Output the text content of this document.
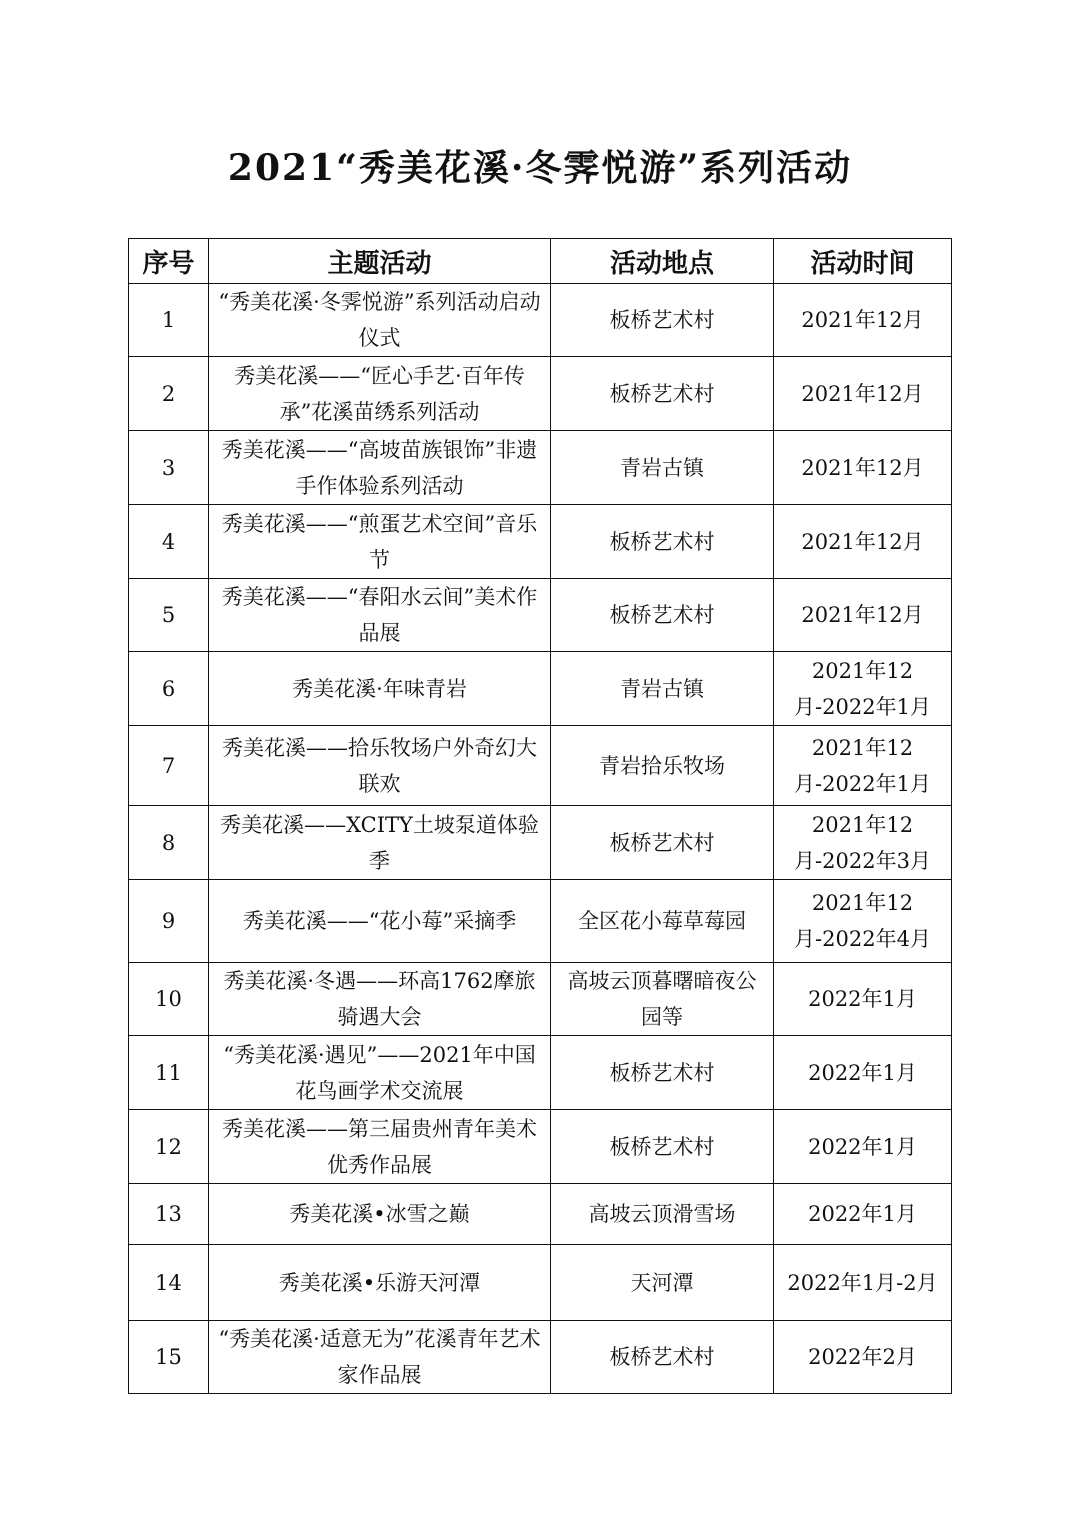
2021“秀美花溪·冬霁悦游”系列活动
序号	主题活动	活动地点	活动时间
1	“秀美花溪·冬霁悦游”系列活动启动仪式	板桥艺术村	2021年12月
2	秀美花溪——“匠心手艺·百年传承”花溪苗绣系列活动	板桥艺术村	2021年12月
3	秀美花溪——“高坡苗族银饰”非遗手作体验系列活动	青岩古镇	2021年12月
4	秀美花溪——“煎蛋艺术空间”音乐节	板桥艺术村	2021年12月
5	秀美花溪——“春阳水云间”美术作品展	板桥艺术村	2021年12月
6	秀美花溪·年味青岩	青岩古镇	2021年12月-2022年1月
7	秀美花溪——拾乐牧场户外奇幻大联欢	青岩拾乐牧场	2021年12月-2022年1月
8	秀美花溪——XCITY土坡泵道体验季	板桥艺术村	2021年12月-2022年3月
9	秀美花溪——“花小莓”采摘季	全区花小莓草莓园	2021年12月-2022年4月
10	秀美花溪·冬遇——环高1762摩旅骑遇大会	高坡云顶暮曙暗夜公园等	2022年1月
11	“秀美花溪·遇见”——2021年中国花鸟画学术交流展	板桥艺术村	2022年1月
12	秀美花溪——第三届贵州青年美术优秀作品展	板桥艺术村	2022年1月
13	秀美花溪•冰雪之巅	高坡云顶滑雪场	2022年1月
14	秀美花溪•乐游天河潭	天河潭	2022年1月-2月
15	“秀美花溪·适意无为”花溪青年艺术家作品展	板桥艺术村	2022年2月
